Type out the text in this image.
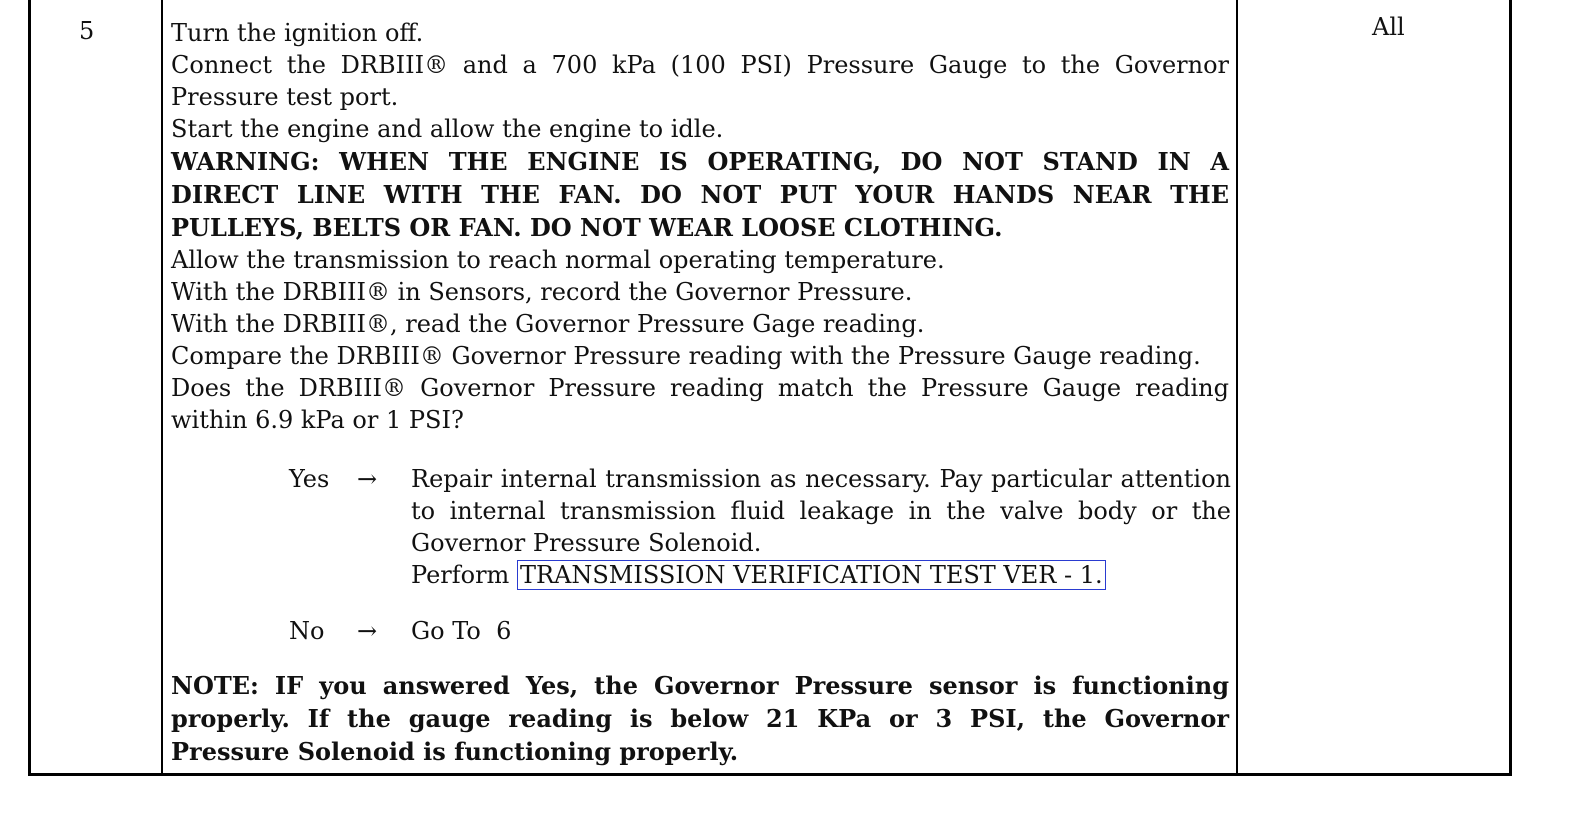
5	All
Turn the ignition off.
Connect the DRBIII® and a 700 kPa (100 PSI) Pressure Gauge to the Governor Pressure test port.
Start the engine and allow the engine to idle.
WARNING: WHEN THE ENGINE IS OPERATING, DO NOT STAND IN A DIRECT LINE WITH THE FAN. DO NOT PUT YOUR HANDS NEAR THE PULLEYS, BELTS OR FAN. DO NOT WEAR LOOSE CLOTHING.
Allow the transmission to reach normal operating temperature.
With the DRBIII® in Sensors, record the Governor Pressure.
With the DRBIII®, read the Governor Pressure Gage reading.
Compare the DRBIII® Governor Pressure reading with the Pressure Gauge reading.
Does the DRBIII® Governor Pressure reading match the Pressure Gauge reading within 6.9 kPa or 1 PSI?
Yes → Repair internal transmission as necessary. Pay particular attention to internal transmission fluid leakage in the valve body or the Governor Pressure Solenoid.
Perform TRANSMISSION VERIFICATION TEST VER - 1.
No → Go To 6
NOTE: IF you answered Yes, the Governor Pressure sensor is functioning properly. If the gauge reading is below 21 KPa or 3 PSI, the Governor Pressure Solenoid is functioning properly.
